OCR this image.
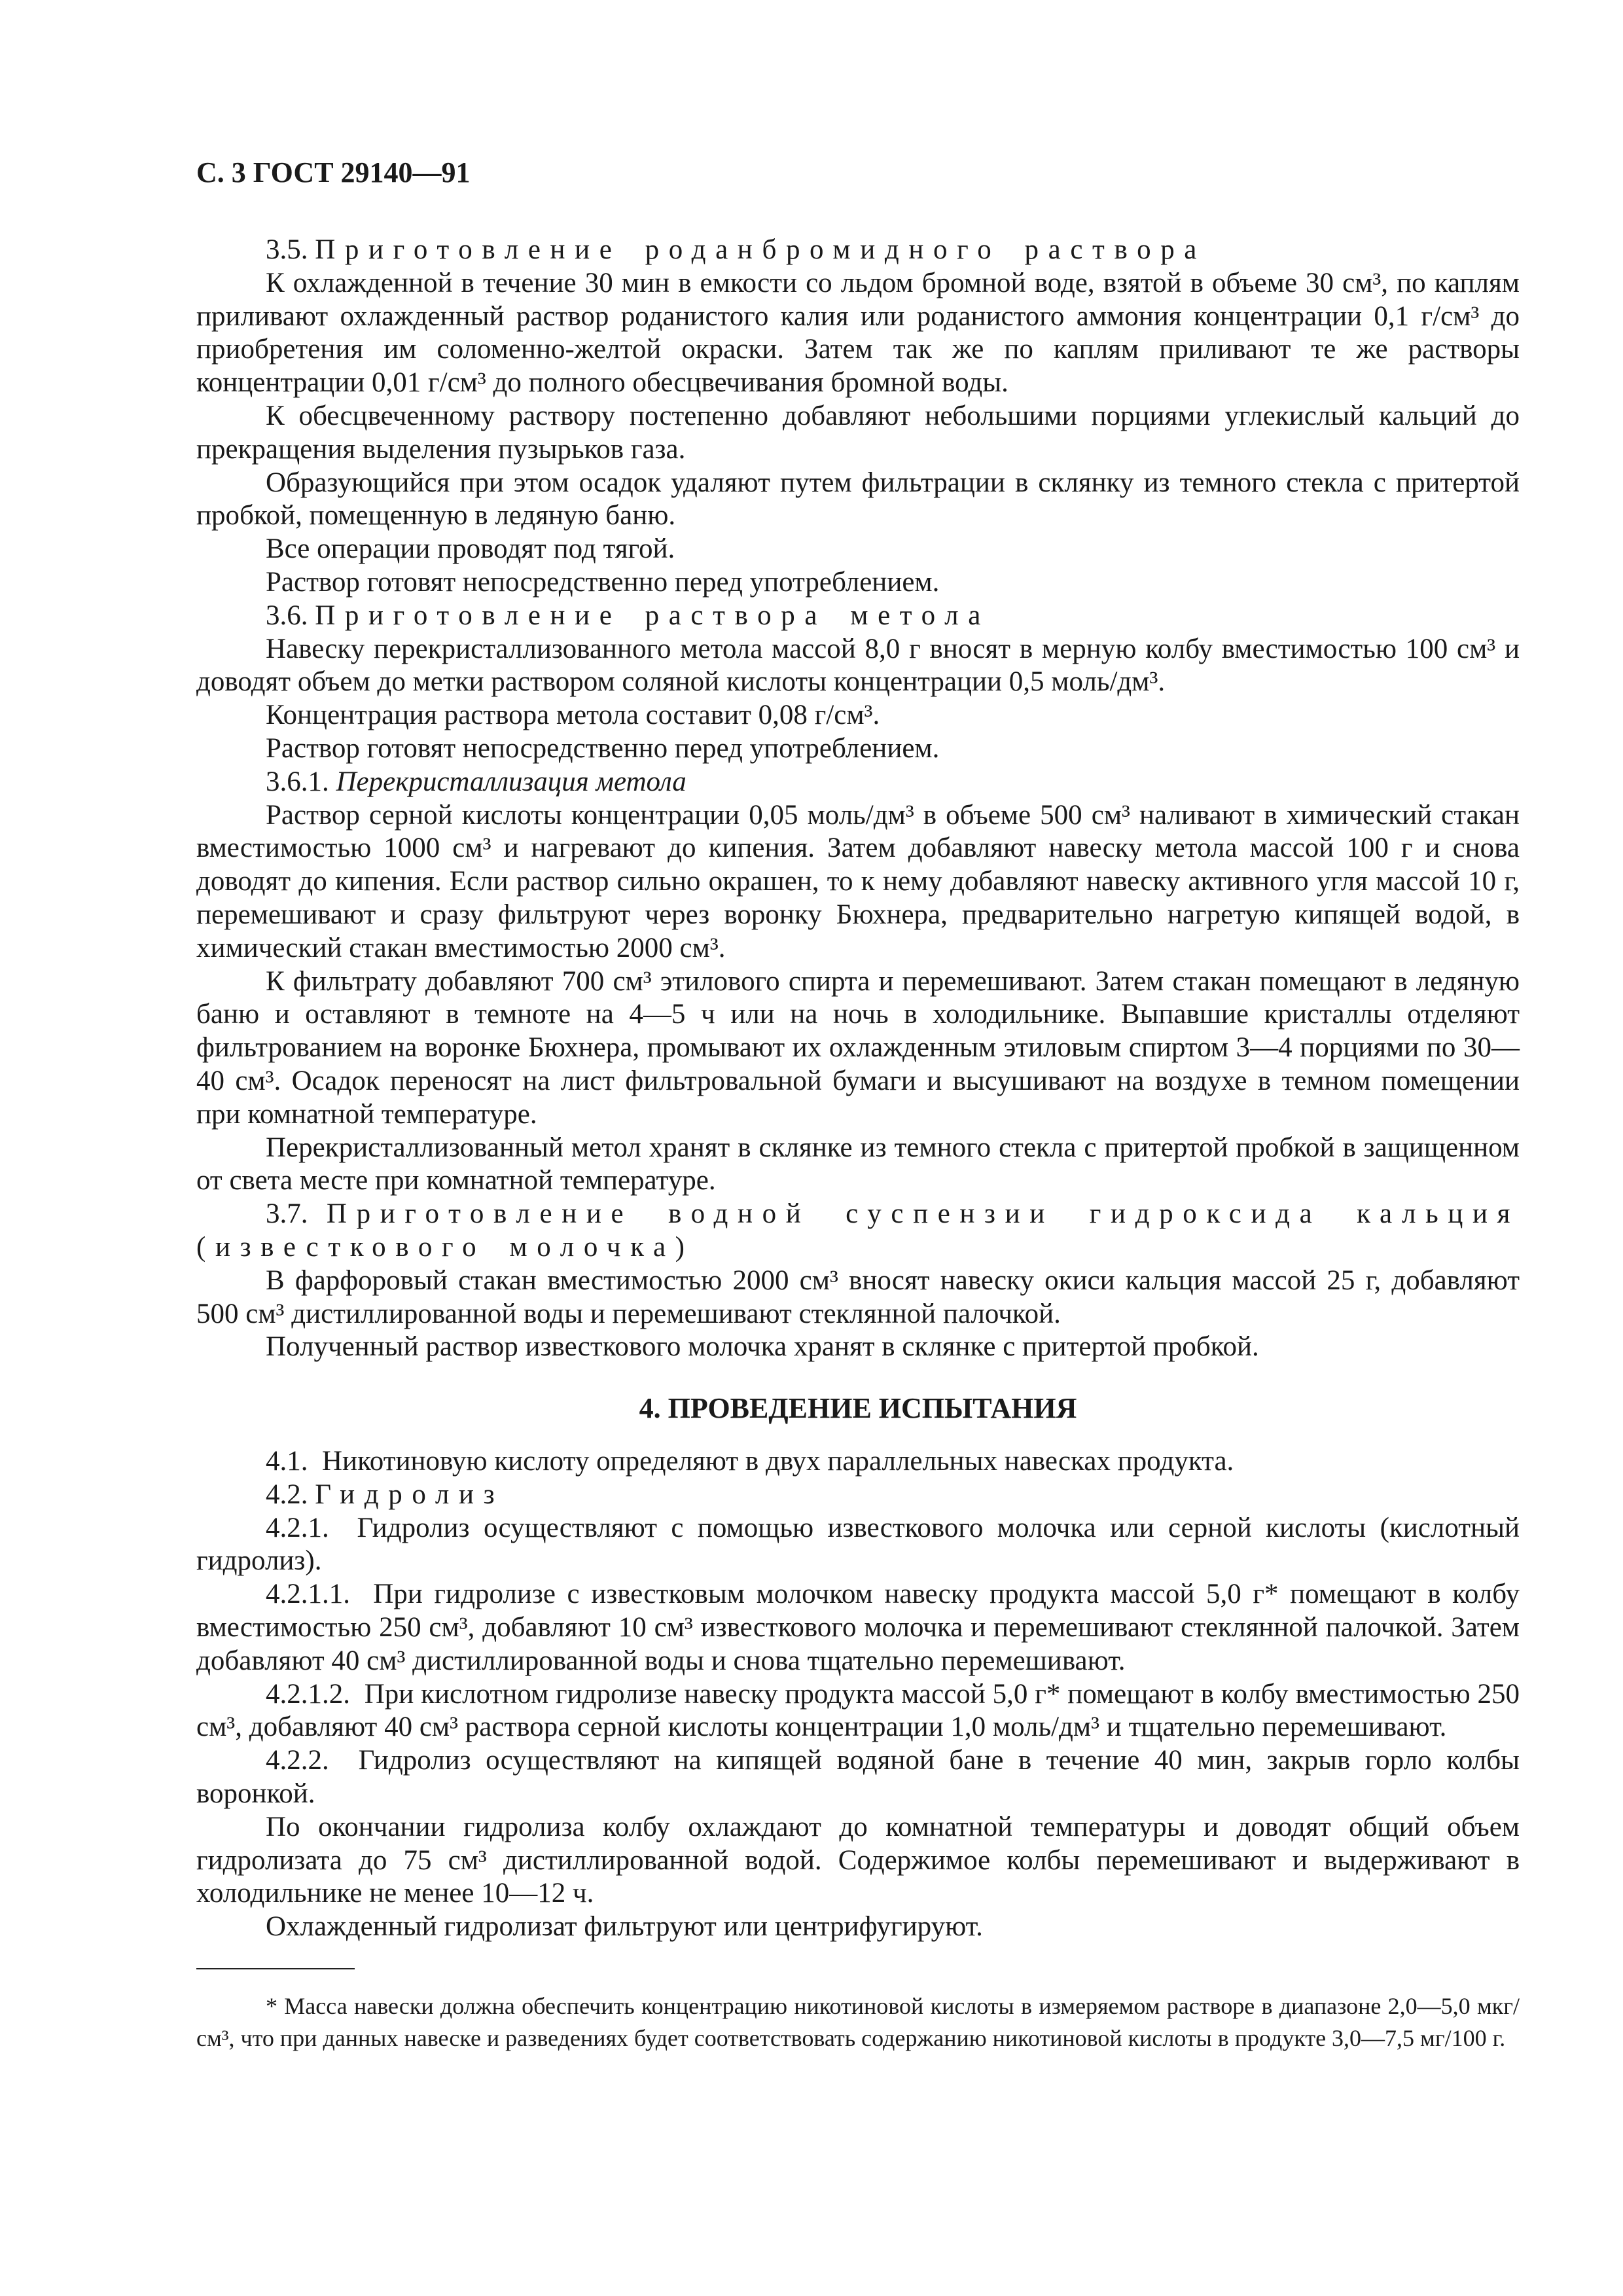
С. 3 ГОСТ 29140—91

3.5. Приготовление роданбромидного раствора

К охлажденной в течение 30 мин в емкости со льдом бромной воде, взятой в объеме 30 см³, по каплям приливают охлажденный раствор роданистого калия или роданистого аммония концентрации 0,1 г/см³ до приобретения им соломенно-желтой окраски. Затем так же по каплям приливают те же растворы концентрации 0,01 г/см³ до полного обесцвечивания бромной воды.

К обесцвеченному раствору постепенно добавляют небольшими порциями углекислый кальций до прекращения выделения пузырьков газа.

Образующийся при этом осадок удаляют путем фильтрации в склянку из темного стекла с притертой пробкой, помещенную в ледяную баню.

Все операции проводят под тягой.

Раствор готовят непосредственно перед употреблением.

3.6. Приготовление раствора метола

Навеску перекристаллизованного метола массой 8,0 г вносят в мерную колбу вместимостью 100 см³ и доводят объем до метки раствором соляной кислоты концентрации 0,5 моль/дм³.

Концентрация раствора метола составит 0,08 г/см³.

Раствор готовят непосредственно перед употреблением.

3.6.1. Перекристаллизация метола

Раствор серной кислоты концентрации 0,05 моль/дм³ в объеме 500 см³ наливают в химический стакан вместимостью 1000 см³ и нагревают до кипения. Затем добавляют навеску метола массой 100 г и снова доводят до кипения. Если раствор сильно окрашен, то к нему добавляют навеску активного угля массой 10 г, перемешивают и сразу фильтруют через воронку Бюхнера, предварительно нагретую кипящей водой, в химический стакан вместимостью 2000 см³.

К фильтрату добавляют 700 см³ этилового спирта и перемешивают. Затем стакан помещают в ледяную баню и оставляют в темноте на 4—5 ч или на ночь в холодильнике. Выпавшие кристаллы отделяют фильтрованием на воронке Бюхнера, промывают их охлажденным этиловым спиртом 3—4 порциями по 30—40 см³. Осадок переносят на лист фильтровальной бумаги и высушивают на воздухе в темном помещении при комнатной температуре.

Перекристаллизованный метол хранят в склянке из темного стекла с притертой пробкой в защищенном от света месте при комнатной температуре.

3.7. Приготовление водной суспензии гидроксида кальция

(известкового молочка)

В фарфоровый стакан вместимостью 2000 см³ вносят навеску окиси кальция массой 25 г, добавляют 500 см³ дистиллированной воды и перемешивают стеклянной палочкой.

Полученный раствор известкового молочка хранят в склянке с притертой пробкой.

4. ПРОВЕДЕНИЕ ИСПЫТАНИЯ

4.1. Никотиновую кислоту определяют в двух параллельных навесках продукта.

4.2. Гидролиз

4.2.1. Гидролиз осуществляют с помощью известкового молочка или серной кислоты (кислотный гидролиз).

4.2.1.1. При гидролизе с известковым молочком навеску продукта массой 5,0 г* помещают в колбу вместимостью 250 см³, добавляют 10 см³ известкового молочка и перемешивают стеклянной палочкой. Затем добавляют 40 см³ дистиллированной воды и снова тщательно перемешивают.

4.2.1.2. При кислотном гидролизе навеску продукта массой 5,0 г* помещают в колбу вместимостью 250 см³, добавляют 40 см³ раствора серной кислоты концентрации 1,0 моль/дм³ и тщательно перемешивают.

4.2.2. Гидролиз осуществляют на кипящей водяной бане в течение 40 мин, закрыв горло колбы воронкой.

По окончании гидролиза колбу охлаждают до комнатной температуры и доводят общий объем гидролизата до 75 см³ дистиллированной водой. Содержимое колбы перемешивают и выдерживают в холодильнике не менее 10—12 ч.

Охлажденный гидролизат фильтруют или центрифугируют.

* Масса навески должна обеспечить концентрацию никотиновой кислоты в измеряемом растворе в диапазоне 2,0—5,0 мкг/см³, что при данных навеске и разведениях будет соответствовать содержанию никотиновой кислоты в продукте 3,0—7,5 мг/100 г.
